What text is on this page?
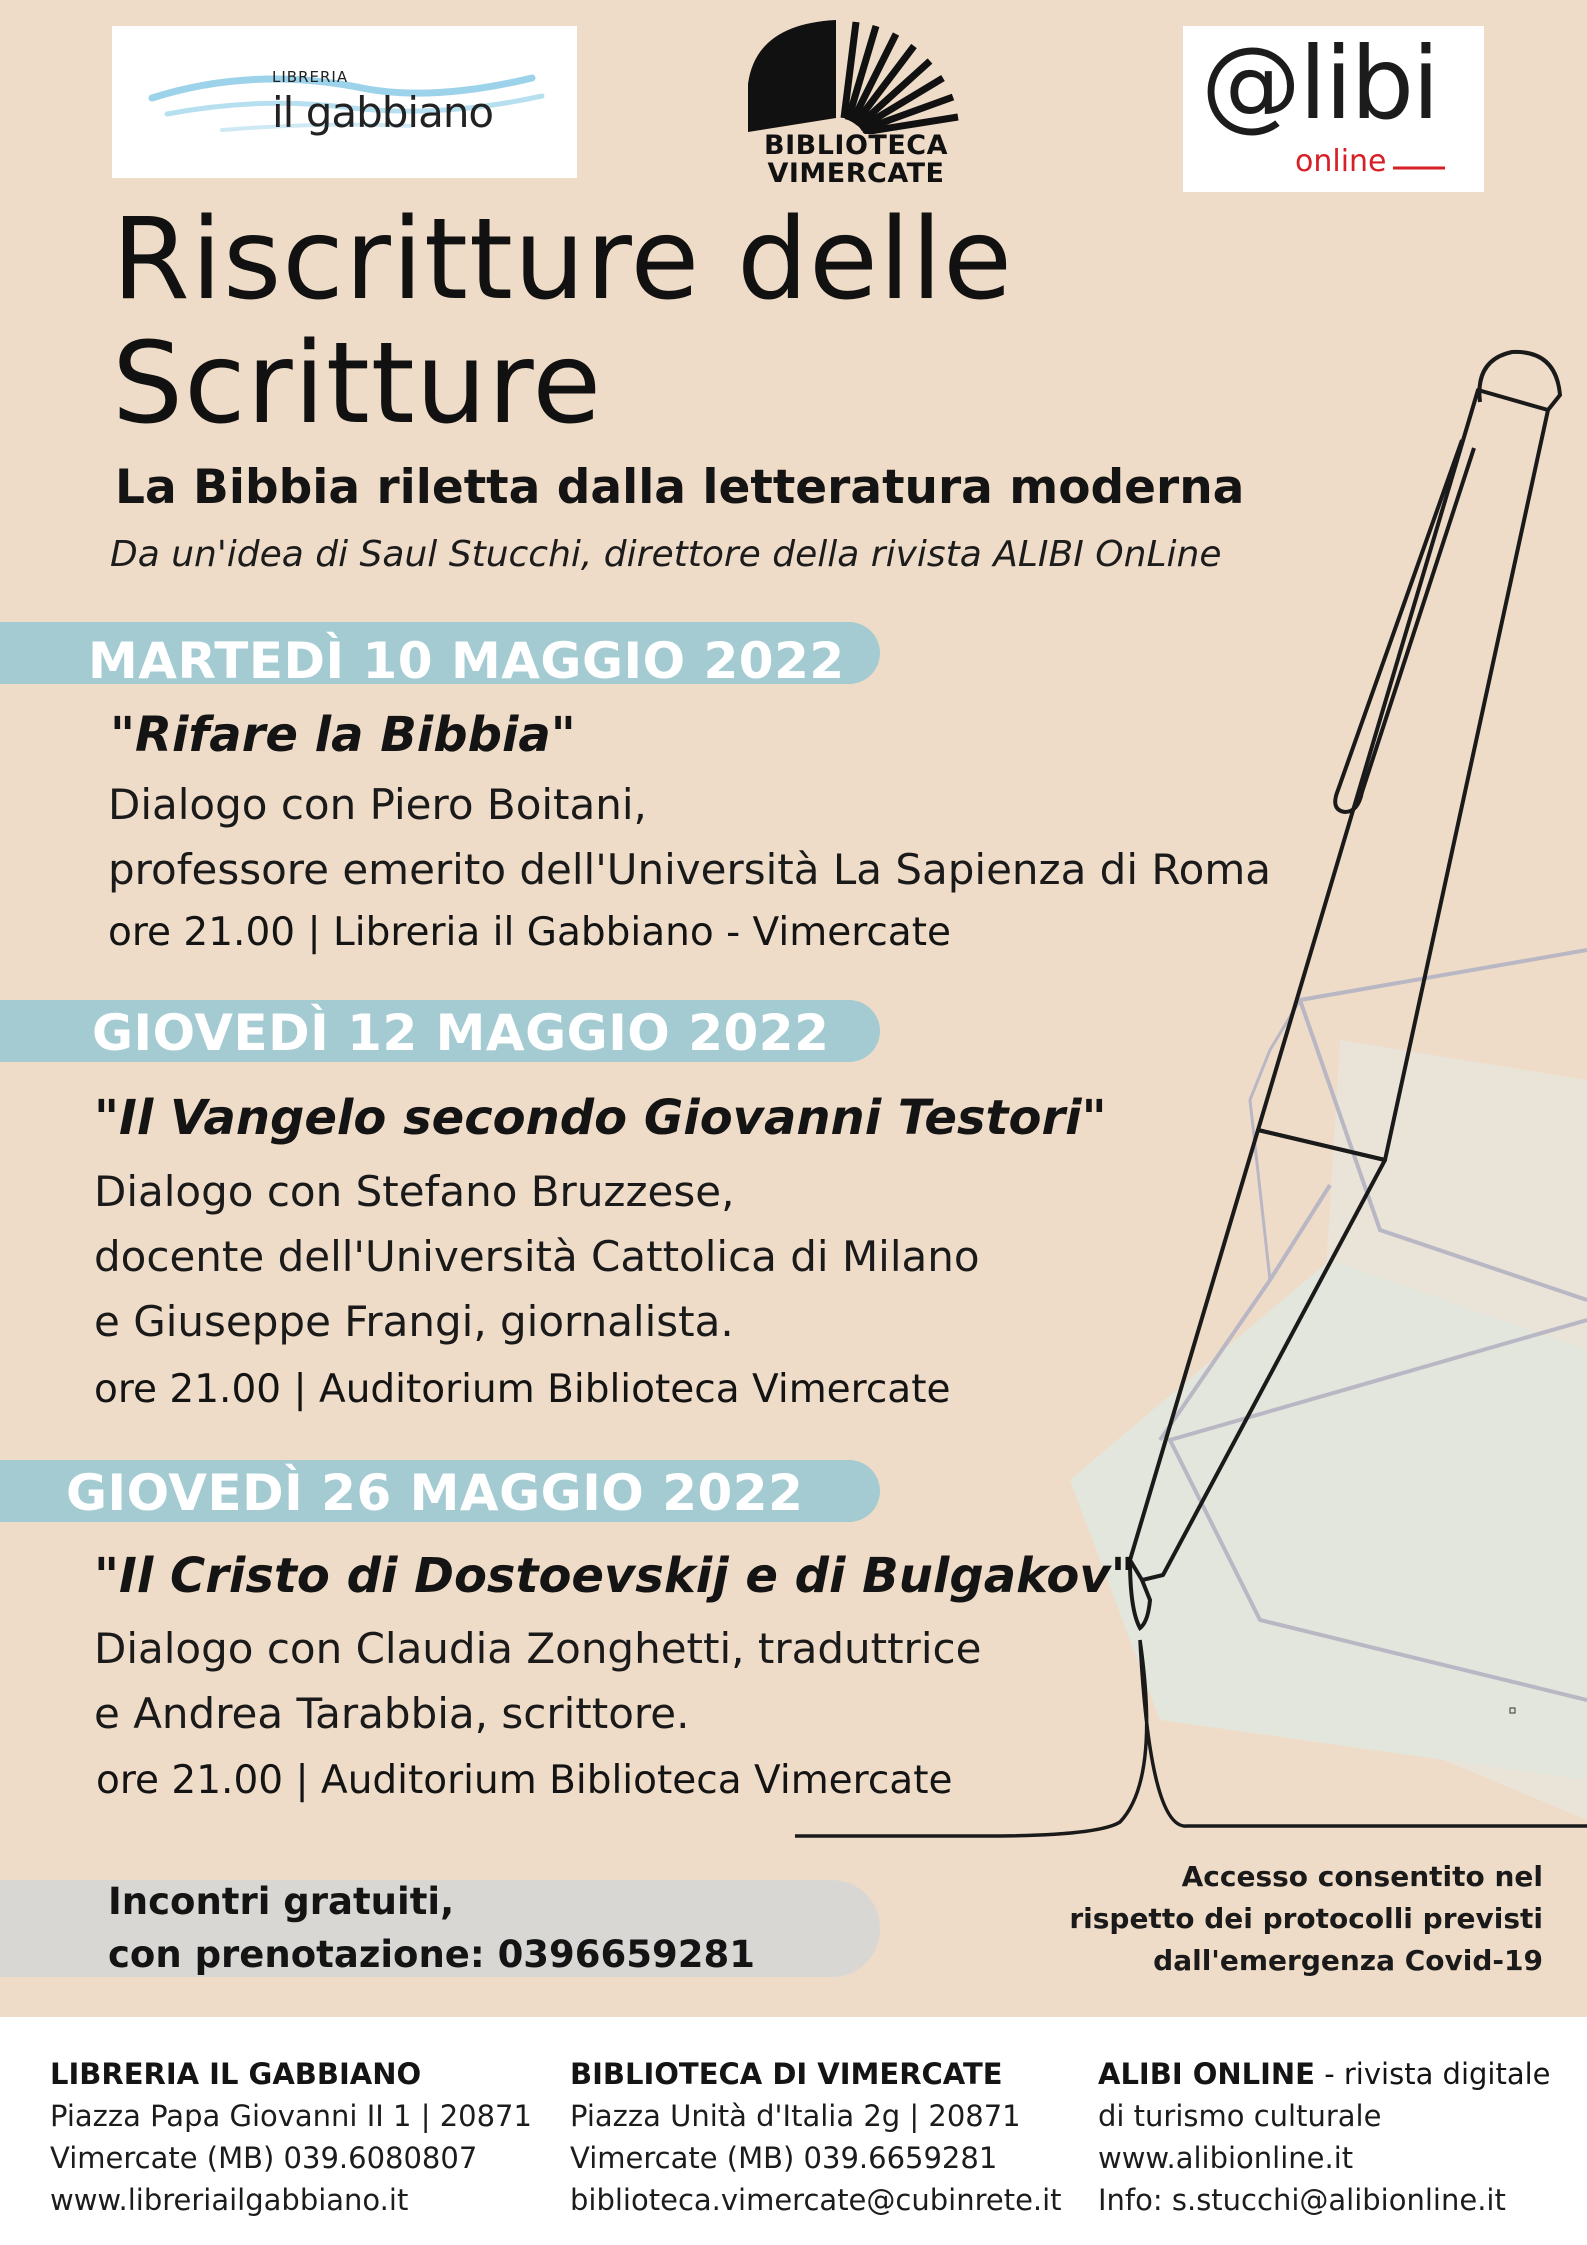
LIBRERIA
il gabbiano
BIBLIOTECA
VIMERCATE
@libi
online
Riscritture delle
Scritture
La Bibbia riletta dalla letteratura moderna
Da un'idea di Saul Stucchi, direttore della rivista ALIBI OnLine
MARTEDÌ 10 MAGGIO 2022
"Rifare la Bibbia"
Dialogo con Piero Boitani,
professore emerito dell'Università La Sapienza di Roma
ore 21.00 | Libreria il Gabbiano - Vimercate
GIOVEDÌ 12 MAGGIO 2022
"Il Vangelo secondo Giovanni Testori"
Dialogo con Stefano Bruzzese,
docente dell'Università Cattolica di Milano
e Giuseppe Frangi, giornalista.
ore 21.00 | Auditorium Biblioteca Vimercate
GIOVEDÌ 26 MAGGIO 2022
"Il Cristo di Dostoevskij e di Bulgakov"
Dialogo con Claudia Zonghetti, traduttrice
e Andrea Tarabbia, scrittore.
ore 21.00 | Auditorium Biblioteca Vimercate
Incontri gratuiti,
con prenotazione: 0396659281
Accesso consentito nel
rispetto dei protocolli previsti
dall'emergenza Covid-19
LIBRERIA IL GABBIANO
Piazza Papa Giovanni II 1 | 20871
Vimercate (MB) 039.6080807
www.libreriailgabbiano.it
BIBLIOTECA DI VIMERCATE
Piazza Unità d'Italia 2g | 20871
Vimercate (MB) 039.6659281
biblioteca.vimercate@cubinrete.it
ALIBI ONLINE - rivista digitale
di turismo culturale
www.alibionline.it
Info: s.stucchi@alibionline.it
